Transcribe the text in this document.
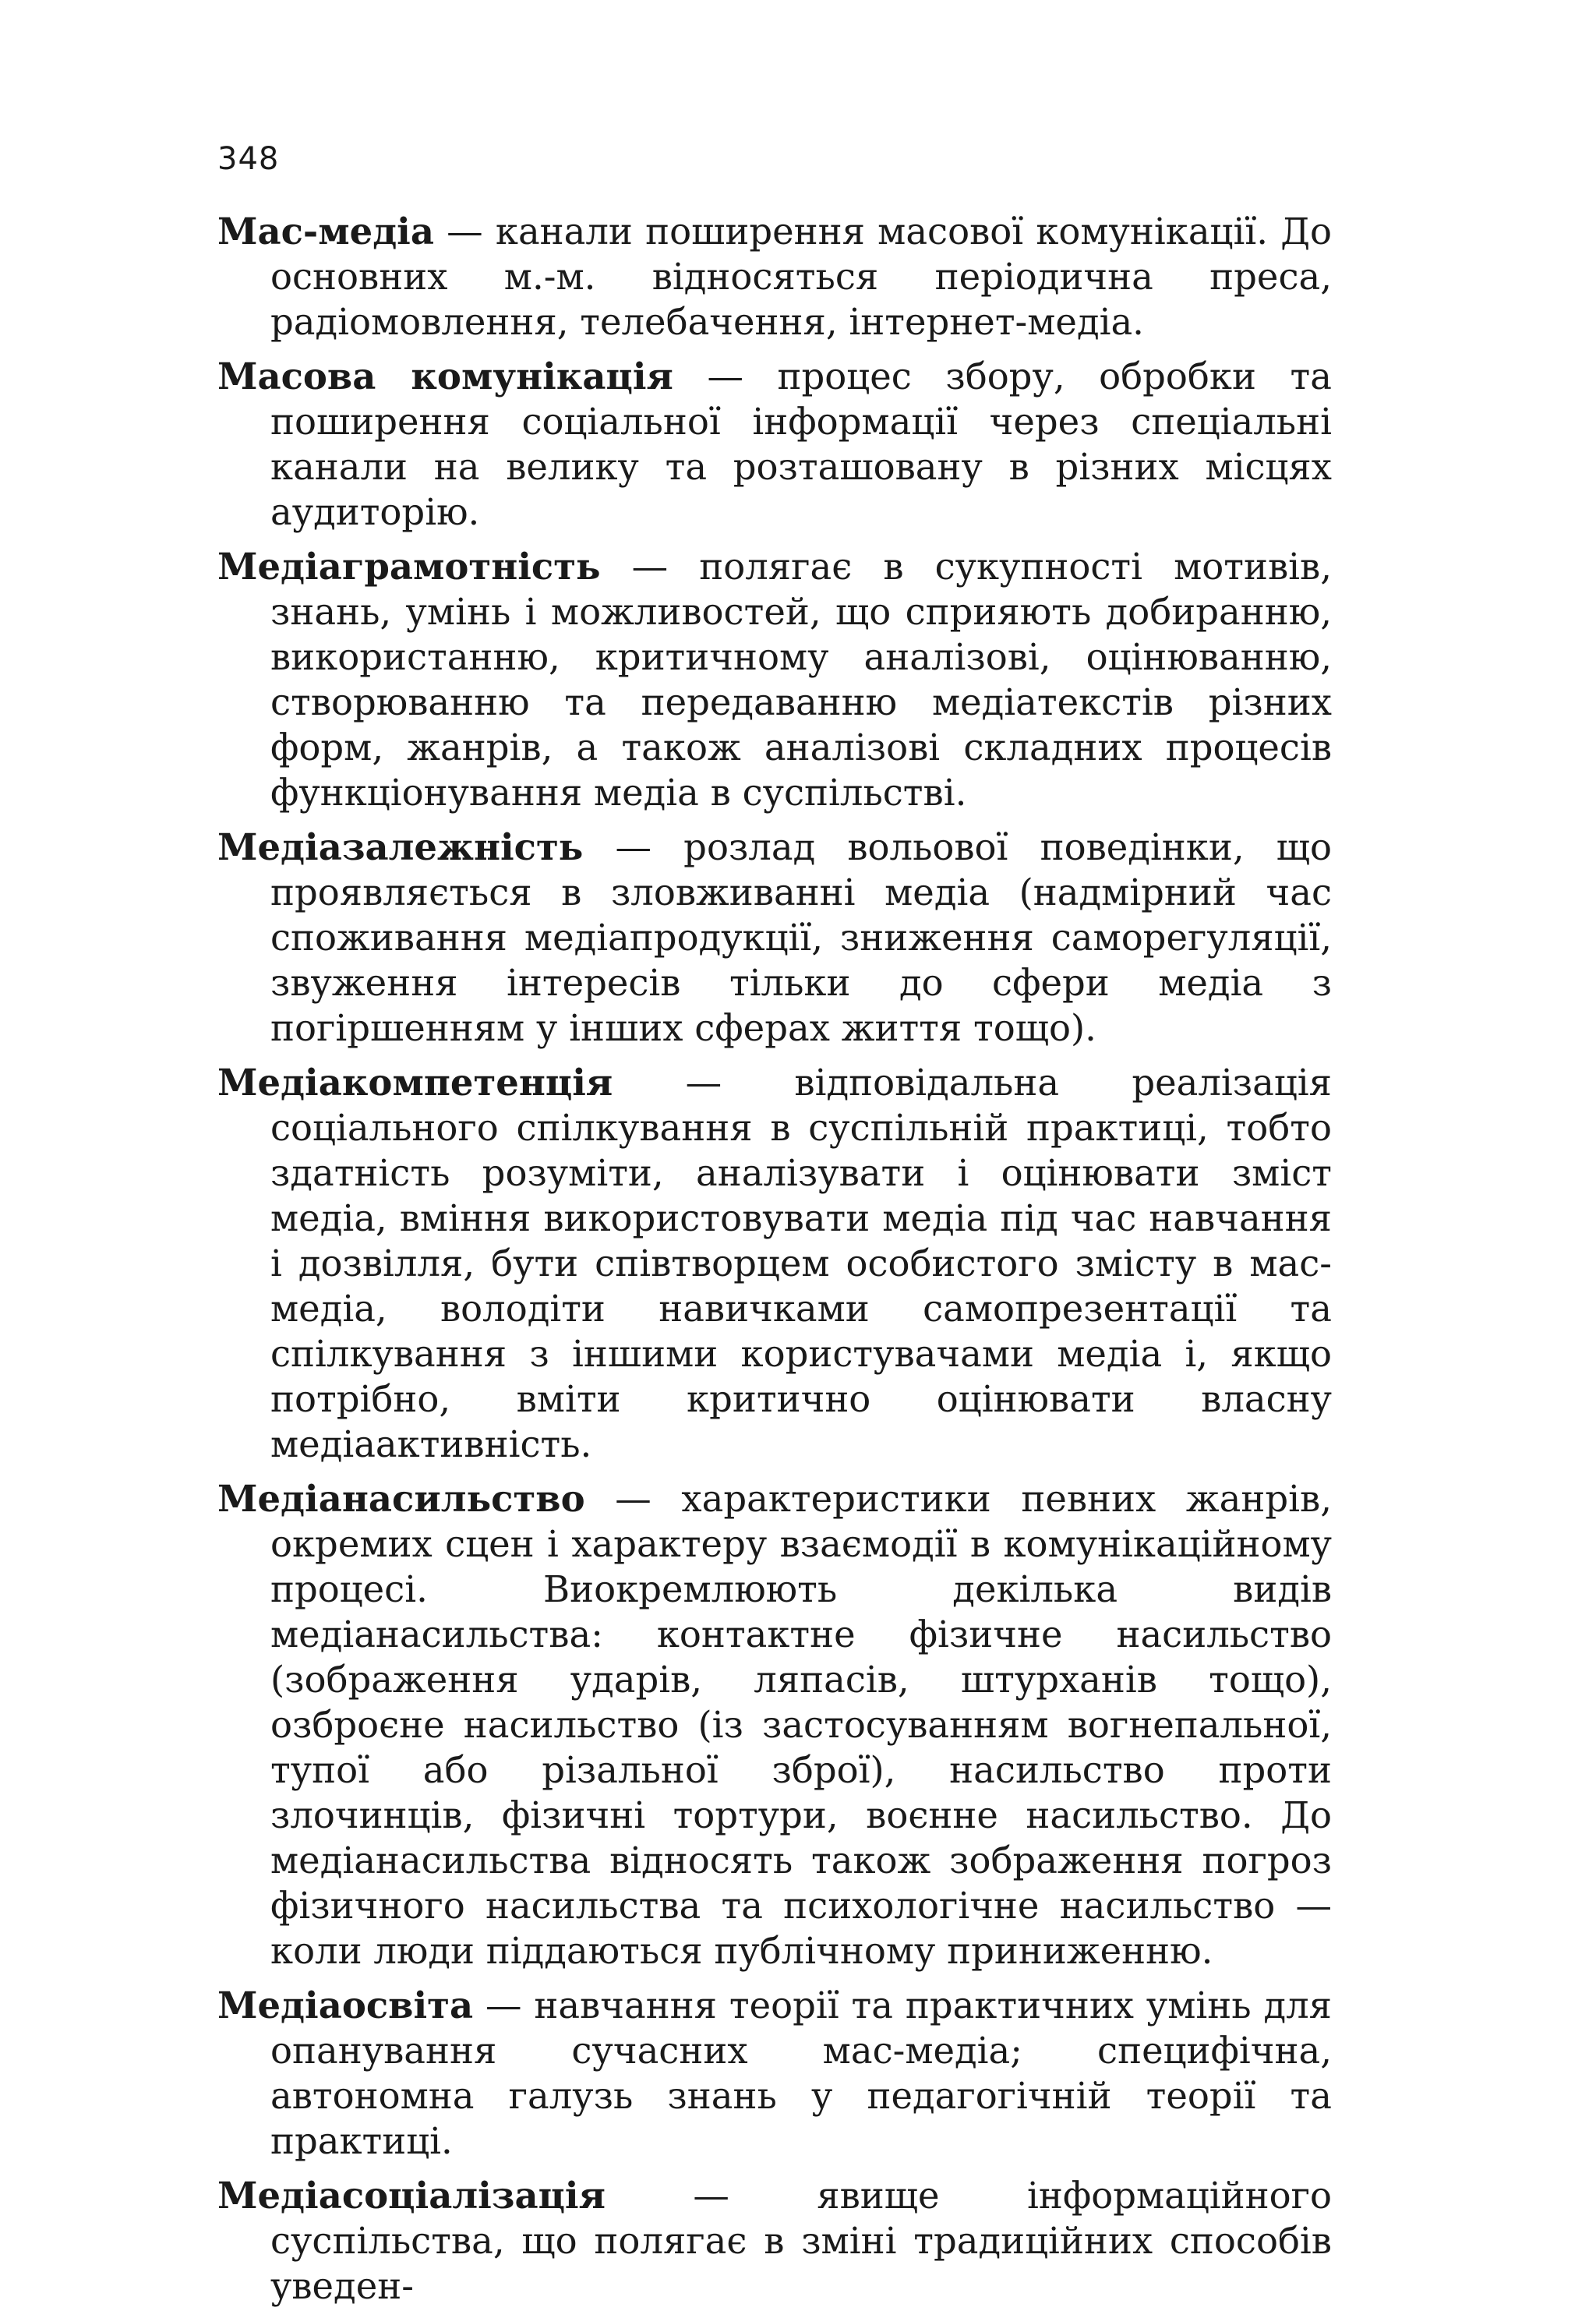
348

Мас-медіа — канали поширення масової комунікації. До основних м.-м. відносяться періодична преса, радіомовлення, телебачення, інтернет-медіа.

Масова комунікація — процес збору, обробки та поширення соціальної інформації через спеціальні канали на велику та розташовану в різних місцях аудиторію.

Медіаграмотність — полягає в сукупності мотивів, знань, умінь і можливостей, що сприяють добиранню, використанню, критичному аналізові, оцінюванню, створюванню та передаванню медіатекстів різних форм, жанрів, а також аналізові складних процесів функціонування медіа в суспільстві.

Медіазалежність — розлад вольової поведінки, що проявляється в зловживанні медіа (надмірний час споживання медіапродукції, зниження саморегуляції, звуження інтересів тільки до сфери медіа з погіршенням у інших сферах життя тощо).

Медіакомпетенція — відповідальна реалізація соціального спілкування в суспільній практиці, тобто здатність розуміти, аналізувати і оцінювати зміст медіа, вміння використовувати медіа під час навчання і дозвілля, бути співтворцем особистого змісту в мас-медіа, володіти навичками самопрезентації та спілкування з іншими користувачами медіа і, якщо потрібно, вміти критично оцінювати власну медіаактивність.

Медіанасильство — характеристики певних жанрів, окремих сцен і характеру взаємодії в комунікаційному процесі. Виокремлюють декілька видів медіанасильства: контактне фізичне насильство (зображення ударів, ляпасів, штурханів тощо), озброєне насильство (із застосуванням вогнепальної, тупої або різальної зброї), насильство проти злочинців, фізичні тортури, воєнне насильство. До медіанасильства відносять також зображення погроз фізичного насильства та психологічне насильство — коли люди піддаються публічному приниженню.

Медіаосвіта — навчання теорії та практичних умінь для опанування сучасних мас-медіа; специфічна, автономна галузь знань у педагогічній теорії та практиці.

Медіасоціалізація — явище інформаційного суспільства, що полягає в зміні традиційних способів уведен-
